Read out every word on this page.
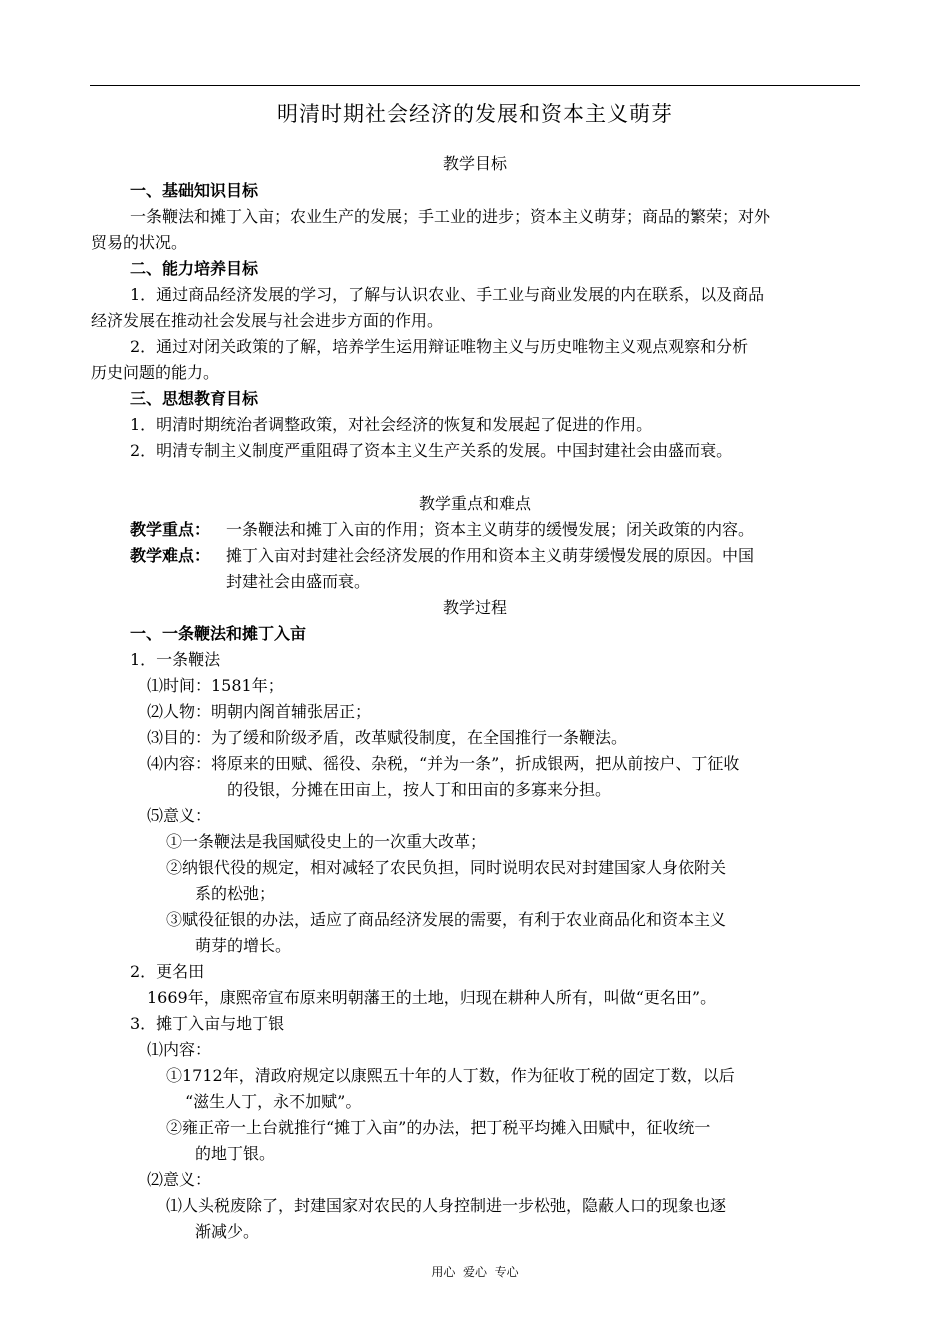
明清时期社会经济的发展和资本主义萌芽
教学目标
一、基础知识目标
一条鞭法和摊丁入亩；农业生产的发展；手工业的进步；资本主义萌芽；商品的繁荣；对外
贸易的状况。
二、能力培养目标
1．通过商品经济发展的学习，了解与认识农业、手工业与商业发展的内在联系，以及商品
经济发展在推动社会发展与社会进步方面的作用。
2．通过对闭关政策的了解，培养学生运用辩证唯物主义与历史唯物主义观点观察和分析
历史问题的能力。
三、思想教育目标
1．明清时期统治者调整政策，对社会经济的恢复和发展起了促进的作用。
2．明清专制主义制度严重阻碍了资本主义生产关系的发展。中国封建社会由盛而衰。
教学重点和难点
教学重点： 一条鞭法和摊丁入亩的作用；资本主义萌芽的缓慢发展；闭关政策的内容。
教学难点： 摊丁入亩对封建社会经济发展的作用和资本主义萌芽缓慢发展的原因。中国
封建社会由盛而衰。
教学过程
一、一条鞭法和摊丁入亩
1．一条鞭法
⑴时间：1581年；
⑵人物：明朝内阁首辅张居正；
⑶目的：为了缓和阶级矛盾，改革赋役制度，在全国推行一条鞭法。
⑷内容：将原来的田赋、徭役、杂税，“并为一条”，折成银两，把从前按户、丁征收
的役银，分摊在田亩上，按人丁和田亩的多寡来分担。
⑸意义：
①一条鞭法是我国赋役史上的一次重大改革；
②纳银代役的规定，相对减轻了农民负担，同时说明农民对封建国家人身依附关
系的松弛；
③赋役征银的办法，适应了商品经济发展的需要，有利于农业商品化和资本主义
萌芽的增长。
2．更名田
1669年，康熙帝宣布原来明朝藩王的土地，归现在耕种人所有，叫做“更名田”。
3．摊丁入亩与地丁银
⑴内容：
①1712年，清政府规定以康熙五十年的人丁数，作为征收丁税的固定丁数，以后
“滋生人丁，永不加赋”。
②雍正帝一上台就推行“摊丁入亩”的办法，把丁税平均摊入田赋中，征收统一
的地丁银。
⑵意义：
⑴人头税废除了，封建国家对农民的人身控制进一步松弛，隐蔽人口的现象也逐
渐减少。
用心  爱心  专心
